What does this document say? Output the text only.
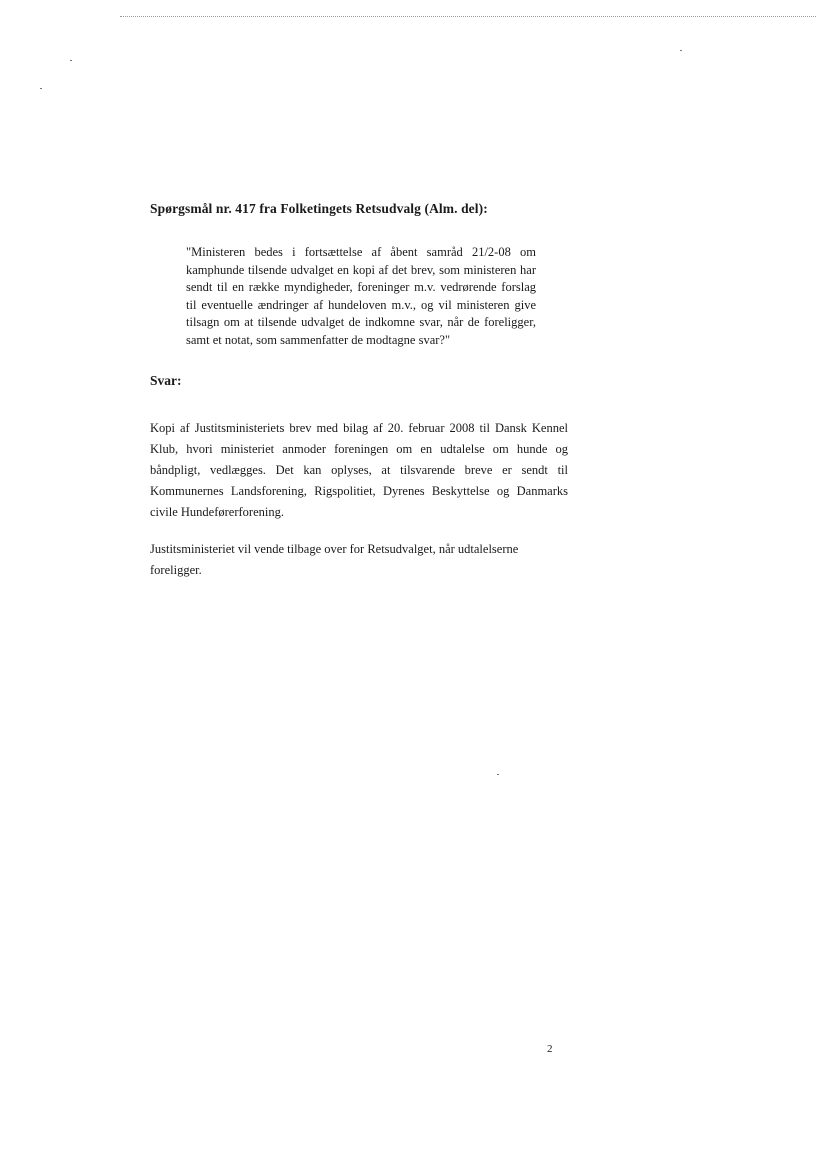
Spørgsmål nr. 417 fra Folketingets Retsudvalg (Alm. del):
"Ministeren bedes i fortsættelse af åbent samråd 21/2-08 om kamphunde tilsende udvalget en kopi af det brev, som ministeren har sendt til en række myndigheder, foreninger m.v. vedrørende forslag til eventuelle ændringer af hundeloven m.v., og vil ministeren give tilsagn om at tilsende udvalget de indkomne svar, når de foreligger, samt et notat, som sammenfatter de modtagne svar?"
Svar:
Kopi af Justitsministeriets brev med bilag af 20. februar 2008 til Dansk Kennel Klub, hvori ministeriet anmoder foreningen om en udtalelse om hunde og båndpligt, vedlægges. Det kan oplyses, at tilsvarende breve er sendt til Kommunernes Landsforening, Rigspolitiet, Dyrenes Beskyttelse og Danmarks civile Hundeførerforening.
Justitsministeriet vil vende tilbage over for Retsudvalget, når udtalelserne foreligger.
2
